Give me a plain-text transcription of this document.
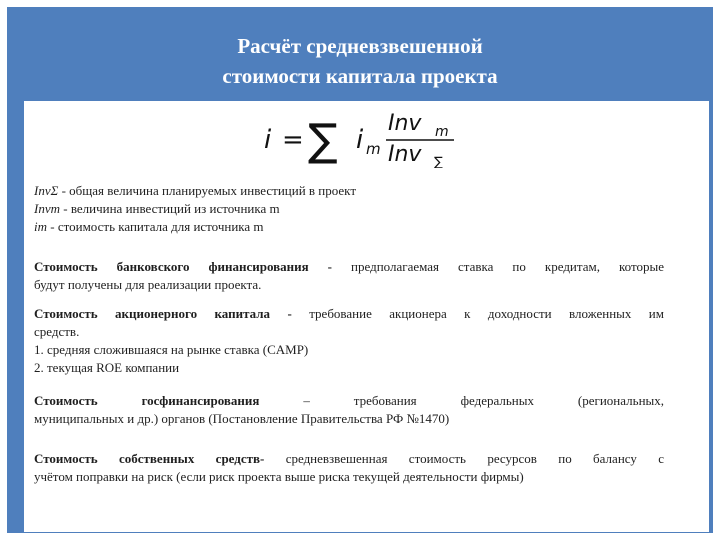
Расчёт средневзвешенной
стоимости капитала проекта
i = ∑ i m
Inv m
Inv ∑
InvΣ - общая величина планируемых инвестиций в проект
Invm - величина инвестиций из источника m
im - стоимость капитала для источника m
Стоимость банковского финансирования - предполагаемая ставка по кредитам, которые
будут получены для реализации проекта.
Стоимость акционерного капитала - требование акционера к доходности вложенных им
средств.
1. средняя сложившаяся на рынке ставка (CAMP)
2. текущая ROE компании
Стоимость	госфинансирования	– требования федеральных (региональных,
муниципальных и др.) органов (Постановление Правительства РФ №1470)
Стоимость собственных средств- средневзвешенная стоимость ресурсов по балансу с
учётом поправки на риск (если риск проекта выше риска текущей деятельности фирмы)
